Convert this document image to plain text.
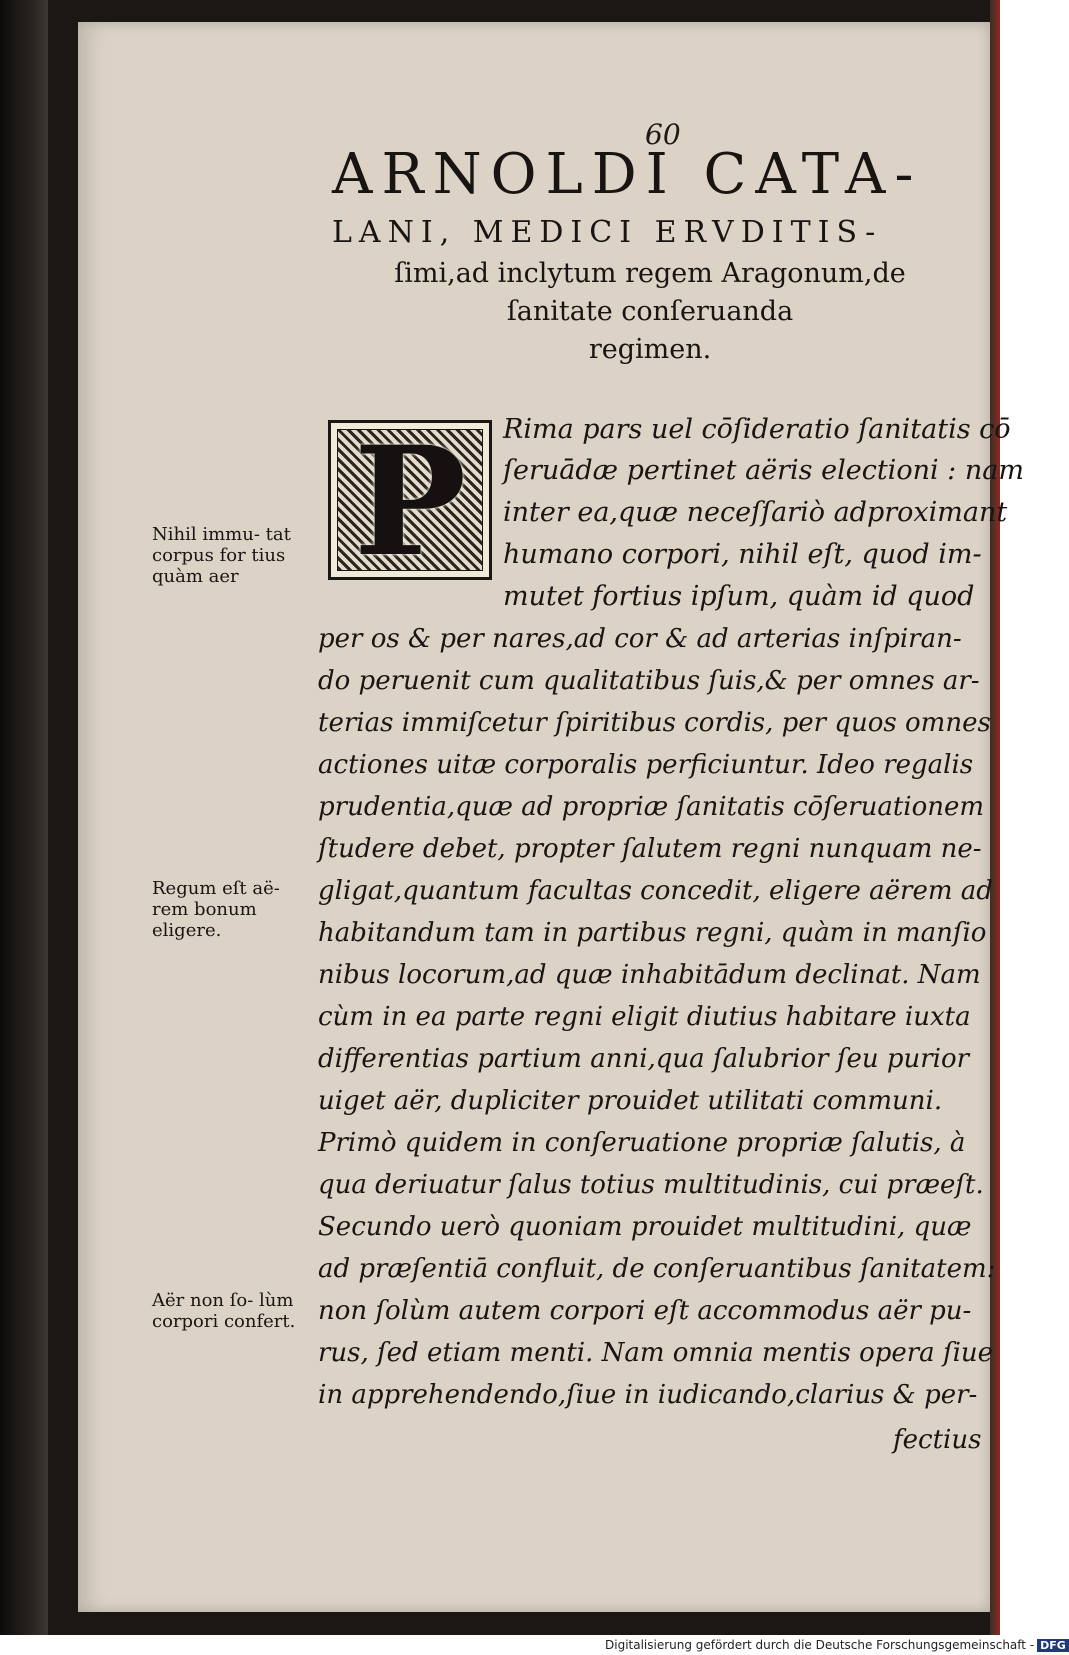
60
ARNOLDI CATA-
LANI, MEDICI ERVDITIS-
ſimi,ad inclytum regem Aragonum,de
ſanitate conſeruanda
regimen.
P	Rima pars uel cōſideratio ſanitatis cō
ſeruādæ pertinet aëris electioni : nam
inter ea,quæ neceſſariò adproximant
humano corpori, nihil eſt, quod im-
mutet fortius ipſum, quàm id quod
per os & per nares,ad cor & ad arterias inſpiran-
do peruenit cum qualitatibus ſuis,& per omnes ar-
terias immiſcetur ſpiritibus cordis, per quos omnes
actiones uitæ corporalis perficiuntur. Ideo regalis
prudentia,quæ ad propriæ ſanitatis cōſeruationem
ſtudere debet, propter ſalutem regni nunquam ne-
gligat,quantum facultas concedit, eligere aërem ad
habitandum tam in partibus regni, quàm in manſio
nibus locorum,ad quæ inhabitādum declinat. Nam
cùm in ea parte regni eligit diutius habitare iuxta
differentias partium anni,qua ſalubrior ſeu purior
uiget aër, dupliciter prouidet utilitati communi.
Primò quidem in conſeruatione propriæ ſalutis, à
qua deriuatur ſalus totius multitudinis, cui præeſt.
Secundo uerò quoniam prouidet multitudini, quæ
ad præſentiā confluit, de conſeruantibus ſanitatem:
non ſolùm autem corpori eſt accommodus aër pu-
rus, ſed etiam menti. Nam omnia mentis opera ſiue
in apprehendendo,ſiue in iudicando,clarius & per-
fectius
Nihil immu- tat corpus for tius quàm aer
Regum eſt aë- rem bonum eligere.
Aër non ſo- lùm corpori confert.
Digitalisierung gefördert durch die Deutsche Forschungsgemeinschaft - DFG
